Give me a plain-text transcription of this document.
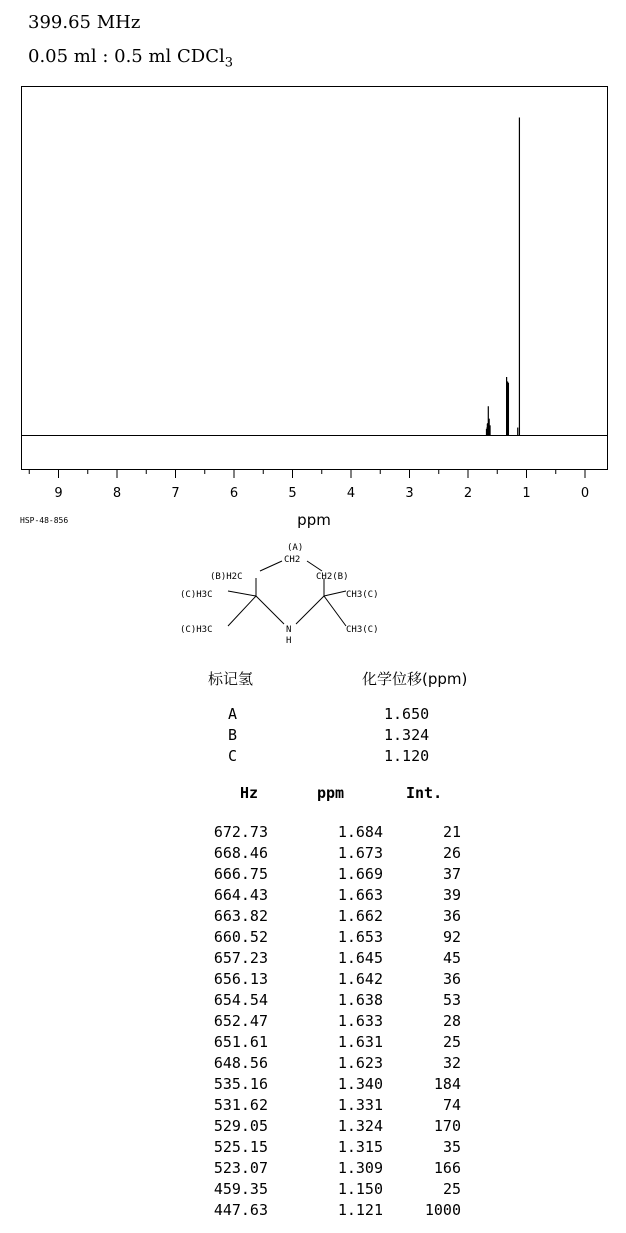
399.65 MHz
0.05 ml : 0.5 ml CDCl$_3$
9	8	7	6	5	4	3	2	1	0
ppm
HSP-48-856
(A)
CH2
(B)H2C	CH2(B)
(C)H3C	CH3(C)
(C)H3C	CH3(C)
N
H
标记氢	化学位移(ppm)
A	1.650
B	1.324
C	1.120
Hz	ppm	Int.
672.73	1.684	21
668.46	1.673	26
666.75	1.669	37
664.43	1.663	39
663.82	1.662	36
660.52	1.653	92
657.23	1.645	45
656.13	1.642	36
654.54	1.638	53
652.47	1.633	28
651.61	1.631	25
648.56	1.623	32
535.16	1.340	184
531.62	1.331	74
529.05	1.324	170
525.15	1.315	35
523.07	1.309	166
459.35	1.150	25
447.63	1.121	1000
